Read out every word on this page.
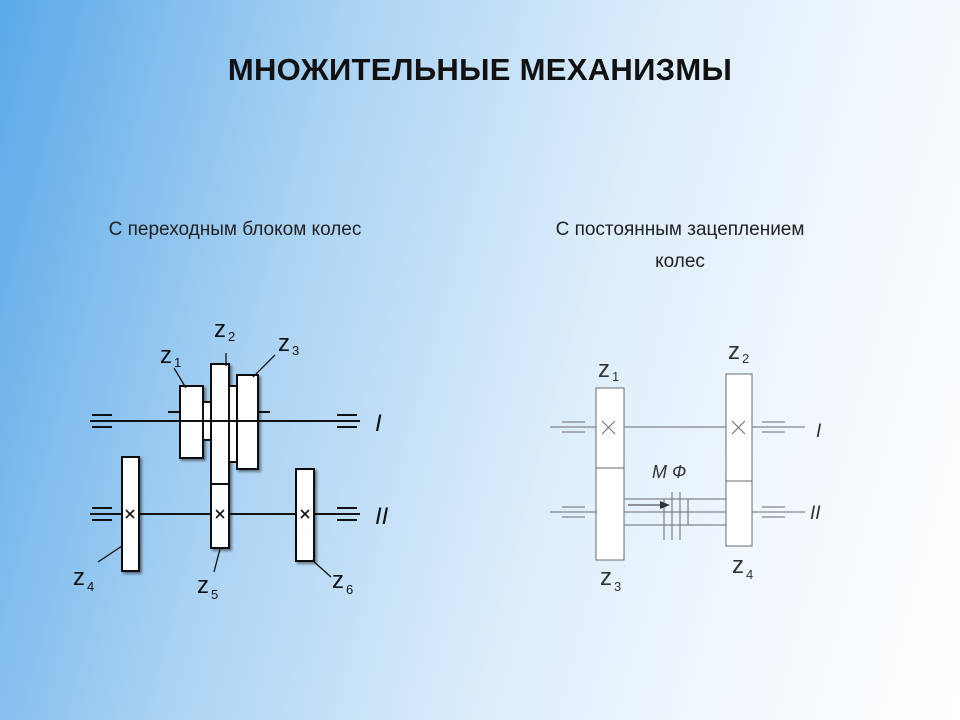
МНОЖИТЕЛЬНЫЕ МЕХАНИЗМЫ
С переходным блоком колес	С постоянным зацеплением
колес
z 1
z 2 z 3
z $_4$	z $_5$
z $_6$
I
II
z 1
z 2
z $_3$
z $_4$
М Ф
I
II
